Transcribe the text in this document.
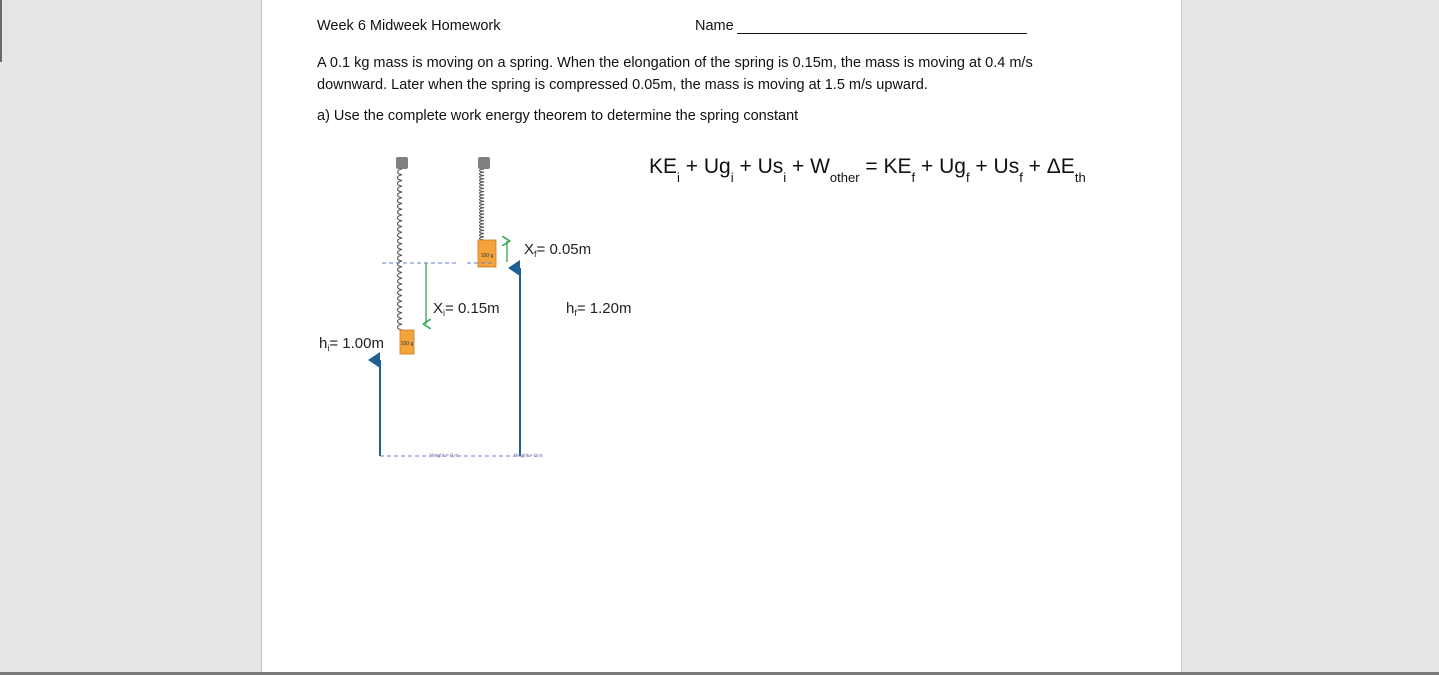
Week 6 Midweek Homework	Name
A 0.1 kg mass is moving on a spring. When the elongation of the spring is 0.15m, the mass is moving at 0.4 m/s
downward. Later when the spring is compressed 0.05m, the mass is moving at 1.5 m/s upward.
a) Use the complete work energy theorem to determine the spring constant
$KE_i + Ug_i + Us_i + W_{other} = KE_f + Ug_f + Us_f + \Delta E_{th}$
100 g
100 g
$X_i= 0.15m$
$X_f= 0.05m$
$h_i= 1.00m$
$h_f= 1.20m$
Height = 0 m	Height = 0 m
